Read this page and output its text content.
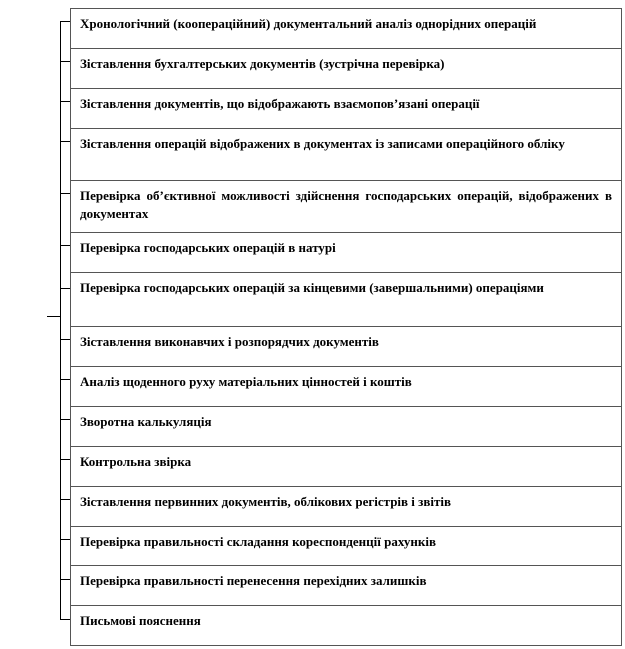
Хронологічний (кооперaційний) документальний аналіз однорідних операцій
Зіставлення бухгалтерських документів (зустрічна перевірка)
Зіставлення документів, що відображають взаємопов’язані операції
Зіставлення операцій відображених в документах із записами операційного обліку
Перевірка об’єктивної можливості здійснення господарських операцій, відображених в документах
Перевірка господарських операцій в натурі
Перевірка господарських операцій за кінцевими (завершальними) операціями
Зіставлення виконавчих і розпорядчих документів
Аналіз щоденного руху матеріальних цінностей і коштів
Зворотна калькуляція
Контрольна звірка
Зіставлення первинних документів, облікових регістрів і звітів
Перевірка правильності складання кореспонденції рахунків
Перевірка правильності перенесення перехідних залишків
Письмові пояснення
